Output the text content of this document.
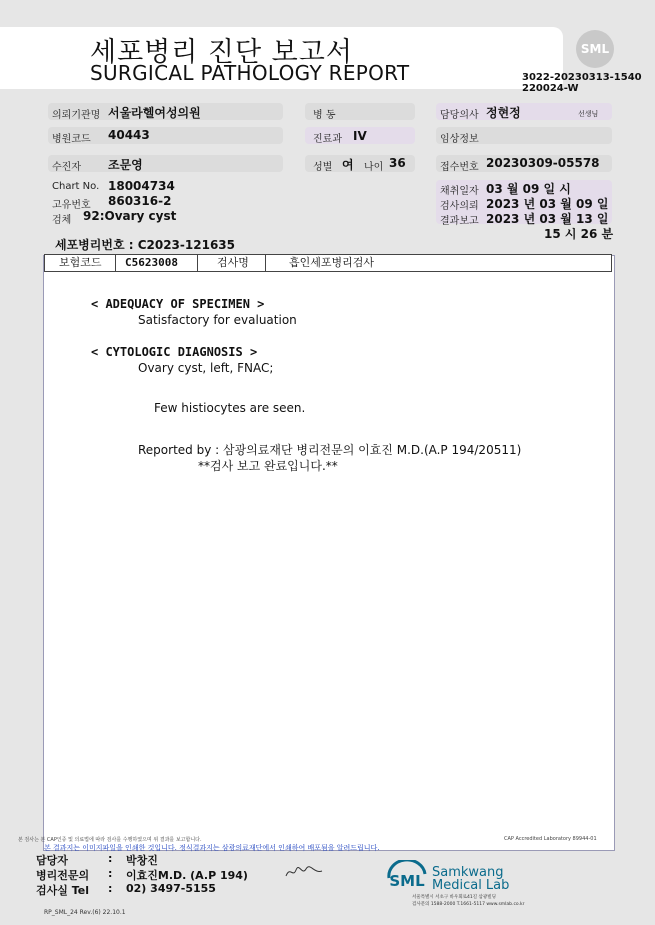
세포병리 진단 보고서
SURGICAL PATHOLOGY REPORT
SML
3022-20230313-1540
220024-W
의뢰기관명 서울라헬여성의원	병 동	담당의사 정현정	선생님
병원코드 40443	진료과 IV	임상정보
수진자 조문영	성별 여 나이 36	접수번호 20230309-05578
Chart No. 18004734
고유번호 860316-2
검체 92:Ovary cyst
채취일자 03 월 09 일 시
검사의뢰 2023 년 03 월 09 일
결과보고 2023 년 03 월 13 일
15 시 26 분
세포병리번호 : C2023-121635
보험코드 C5623008	검사명	흡인세포병리검사
< ADEQUACY OF SPECIMEN >
Satisfactory for evaluation
< CYTOLOGIC DIAGNOSIS >
Ovary cyst, left, FNAC;
Few histiocytes are seen.
Reported by : 삼광의료재단 병리전문의 이효진 M.D.(A.P 194/20511)
**검사 보고 완료입니다.**
본 검사는 본 CAP인증 및 의료법에 따라 검사를 수행하였으며 위 결과를 보고합니다.	CAP Accredited Laboratory 89944-01
본 결과지는 이미지파일을 인쇄한 것입니다. 정식결과지는 삼광의료재단에서 인쇄하여 배포됨을 알려드립니다.
담당자	: 박창진
병리전문의 : 이효진M.D. (A.P 194)
검사실 Tel : 02) 3497-5155	SML Samkwang
Medical Lab
서울특별시 서초구 바우뫼로41길 삼광빌딩
검사문의 1588-2000 T.1661-5117 www.smlab.co.kr
RP_SML_24 Rev.(6) 22.10.1
